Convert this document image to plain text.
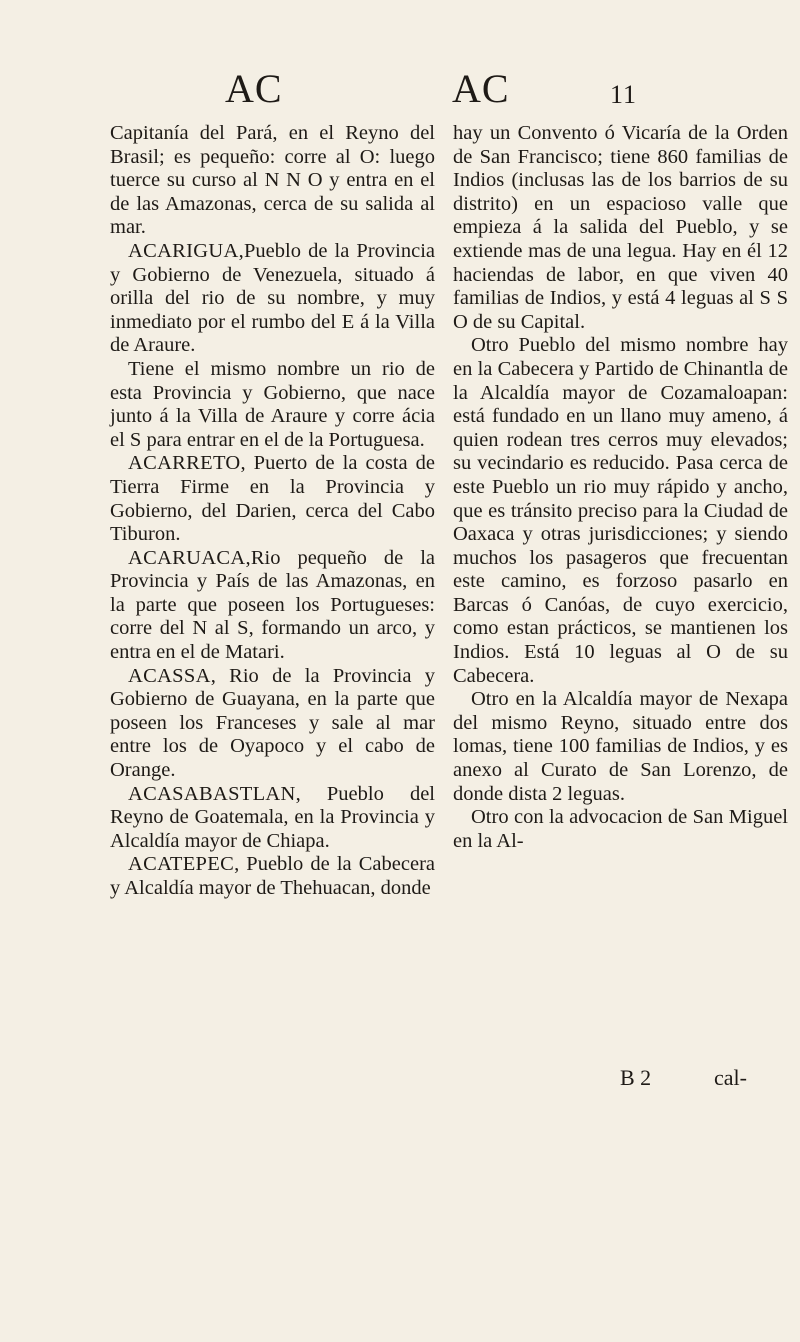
AC	AC	11

Capitanía del Pará, en el Reyno del Brasil; es pequeño: corre al O: luego tuerce su curso al N N O y entra en el de las Amazonas, cerca de su salida al mar.

ACARIGUA,Pueblo de la Provincia y Gobierno de Venezuela, situado á orilla del rio de su nombre, y muy inmediato por el rumbo del E á la Villa de Araure.

Tiene el mismo nombre un rio de esta Provincia y Gobierno, que nace junto á la Villa de Araure y corre ácia el S para entrar en el de la Portuguesa.

ACARRETO, Puerto de la costa de Tierra Firme en la Provincia y Gobierno, del Darien, cerca del Cabo Tiburon.

ACARUACA,Rio pequeño de la Provincia y País de las Amazonas, en la parte que poseen los Portugueses: corre del N al S, formando un arco, y entra en el de Matari.

ACASSA, Rio de la Provincia y Gobierno de Guayana, en la parte que poseen los Franceses y sale al mar entre los de Oyapoco y el cabo de Orange.

ACASABASTLAN, Pueblo del Reyno de Goatemala, en la Provincia y Alcaldía mayor de Chiapa.

ACATEPEC, Pueblo de la Cabecera y Alcaldía mayor de Thehuacan, donde

hay un Convento ó Vicaría de la Orden de San Francisco; tiene 860 familias de Indios (inclusas las de los barrios de su distrito) en un espacioso valle que empieza á la salida del Pueblo, y se extiende mas de una legua. Hay en él 12 haciendas de labor, en que viven 40 familias de Indios, y está 4 leguas al S S O de su Capital.

Otro Pueblo del mismo nombre hay en la Cabecera y Partido de Chinantla de la Alcaldía mayor de Cozamaloapan: está fundado en un llano muy ameno, á quien rodean tres cerros muy elevados; su vecindario es reducido. Pasa cerca de este Pueblo un rio muy rápido y ancho, que es tránsito preciso para la Ciudad de Oaxaca y otras jurisdicciones; y siendo muchos los pasageros que frecuentan este camino, es forzoso pasarlo en Barcas ó Canóas, de cuyo exercicio, como estan prácticos, se mantienen los Indios. Está 10 leguas al O de su Cabecera.

Otro en la Alcaldía mayor de Nexapa del mismo Reyno, situado entre dos lomas, tiene 100 familias de Indios, y es anexo al Curato de San Lorenzo, de donde dista 2 leguas.

Otro con la advocacion de San Miguel en la Al-

B 2	cal-
